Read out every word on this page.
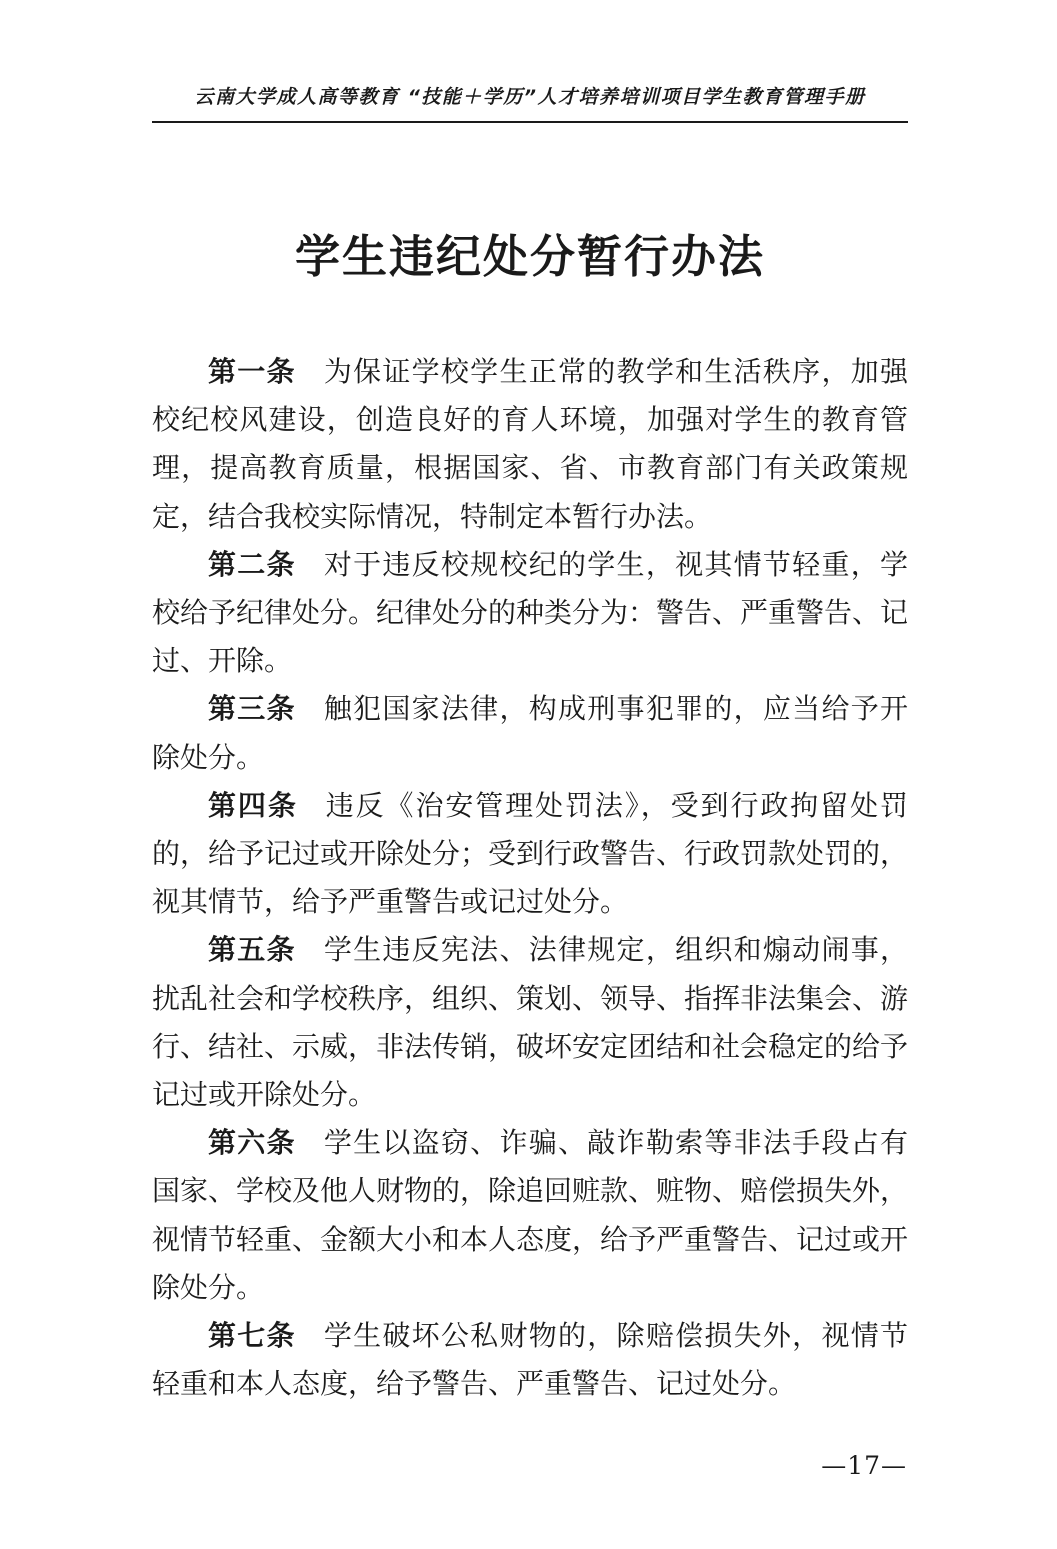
云南大学成人高等教育 “技能＋学历”人才培养培训项目学生教育管理手册
学生违纪处分暂行办法

第一条 为保证学校学生正常的教学和生活秩序，加强校纪校风建设，创造良好的育人环境，加强对学生的教育管理，提高教育质量，根据国家、省、市教育部门有关政策规定，结合我校实际情况，特制定本暂行办法。

第二条 对于违反校规校纪的学生，视其情节轻重，学校给予纪律处分。纪律处分的种类分为：警告、严重警告、记过、开除。

第三条 触犯国家法律，构成刑事犯罪的，应当给予开除处分。

第四条 违反《治安管理处罚法》，受到行政拘留处罚的，给予记过或开除处分；受到行政警告、行政罚款处罚的，视其情节，给予严重警告或记过处分。

第五条 学生违反宪法、法律规定，组织和煽动闹事，扰乱社会和学校秩序，组织、策划、领导、指挥非法集会、游行、结社、示威，非法传销，破坏安定团结和社会稳定的给予记过或开除处分。

第六条 学生以盗窃、诈骗、敲诈勒索等非法手段占有国家、学校及他人财物的，除追回赃款、赃物、赔偿损失外，视情节轻重、金额大小和本人态度，给予严重警告、记过或开除处分。

第七条 学生破坏公私财物的，除赔偿损失外，视情节轻重和本人态度，给予警告、严重警告、记过处分。

—17—
